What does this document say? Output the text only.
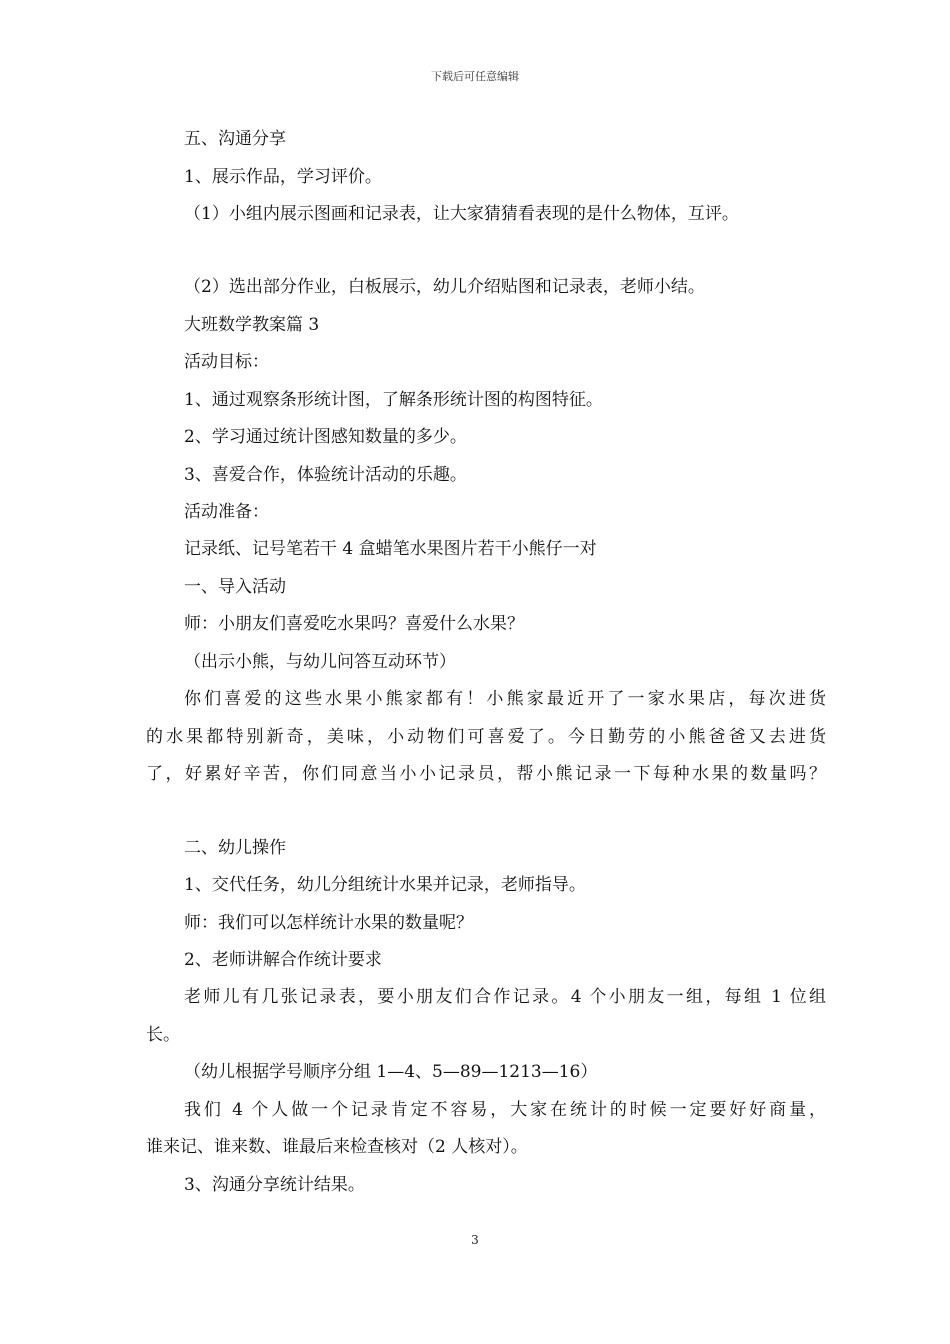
下载后可任意编辑
五、沟通分享
1、展示作品，学习评价。
（1）小组内展示图画和记录表，让大家猜猜看表现的是什么物体，互评。
（2）选出部分作业，白板展示，幼儿介绍贴图和记录表，老师小结。
大班数学教案篇 3
活动目标：
1、通过观察条形统计图，了解条形统计图的构图特征。
2、学习通过统计图感知数量的多少。
3、喜爱合作，体验统计活动的乐趣。
活动准备：
记录纸、记号笔若干 4 盒蜡笔水果图片若干小熊仔一对
一、导入活动
师：小朋友们喜爱吃水果吗？喜爱什么水果？
（出示小熊，与幼儿问答互动环节）
你们喜爱的这些水果小熊家都有！小熊家最近开了一家水果店，每次进货
的水果都特别新奇，美味，小动物们可喜爱了。今日勤劳的小熊爸爸又去进货
了，好累好辛苦，你们同意当小小记录员，帮小熊记录一下每种水果的数量吗？
二、幼儿操作
1、交代任务，幼儿分组统计水果并记录，老师指导。
师：我们可以怎样统计水果的数量呢？
2、老师讲解合作统计要求
老师儿有几张记录表，要小朋友们合作记录。4 个小朋友一组，每组 1 位组
长。
（幼儿根据学号顺序分组 1—4、5—89—1213—16）
我们 4 个人做一个记录肯定不容易，大家在统计的时候一定要好好商量，
谁来记、谁来数、谁最后来检查核对（2 人核对）。
3、沟通分享统计结果。
3
